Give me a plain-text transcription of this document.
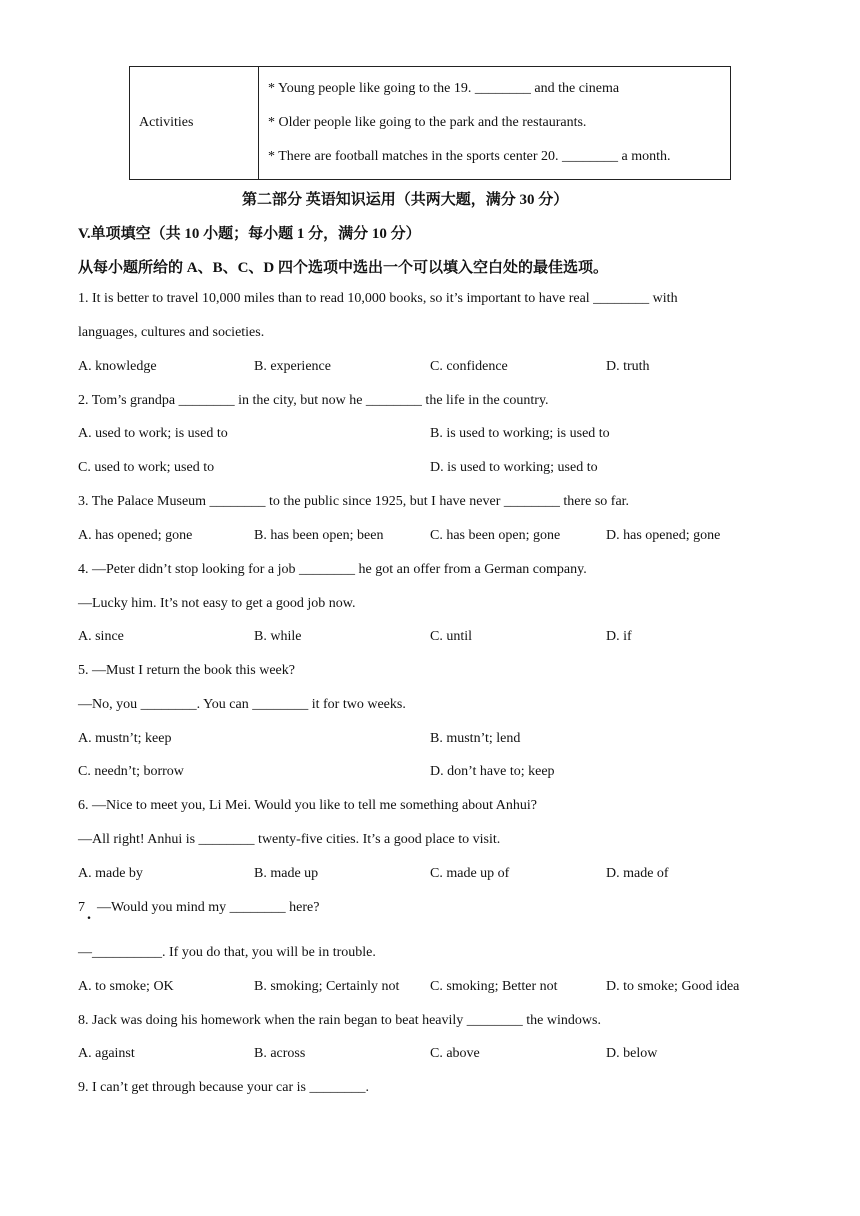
Activities	
* Young people like going to the 19. ________ and the cinema
* Older people like going to the park and the restaurants.
* There are football matches in the sports center 20. ________ a month.
第二部分 英语知识运用（共两大题，满分 30 分）
V.单项填空（共 10 小题；每小题 1 分，满分 10 分）
从每小题所给的 A、B、C、D 四个选项中选出一个可以填入空白处的最佳选项。
1. It is better to travel 10,000 miles than to read 10,000 books, so it’s important to have real ________ with
languages, cultures and societies.
A. knowledge	B. experience	C. confidence	D. truth
2. Tom’s grandpa ________ in the city, but now he ________ the life in the country.
A. used to work; is used to	B. is used to working; is used to
C. used to work; used to	D. is used to working; used to
3. The Palace Museum ________ to the public since 1925, but I have never ________ there so far.
A. has opened; gone	B. has been open; been	C. has been open; gone	D. has opened; gone
4. —Peter didn’t stop looking for a job ________ he got an offer from a German company.
—Lucky him. It’s not easy to get a good job now.
A. since	B. while	C. until	D. if
5. —Must I return the book this week?
—No, you ________. You can ________ it for two weeks.
A. mustn’t; keep	B. mustn’t; lend
C. needn’t; borrow	D. don’t have to; keep
6. —Nice to meet you, Li Mei. Would you like to tell me something about Anhui?
—All right! Anhui is ________ twenty-five cities. It’s a good place to visit.
A. made by	B. made up	C. made up of	D. made of
7 . —Would you mind my ________ here?
—__________. If you do that, you will be in trouble.
A. to smoke; OK	B. smoking; Certainly not C. smoking; Better not	D. to smoke; Good idea
8. Jack was doing his homework when the rain began to beat heavily ________ the windows.
A. against	B. across	C. above	D. below
9. I can’t get through because your car is ________.
